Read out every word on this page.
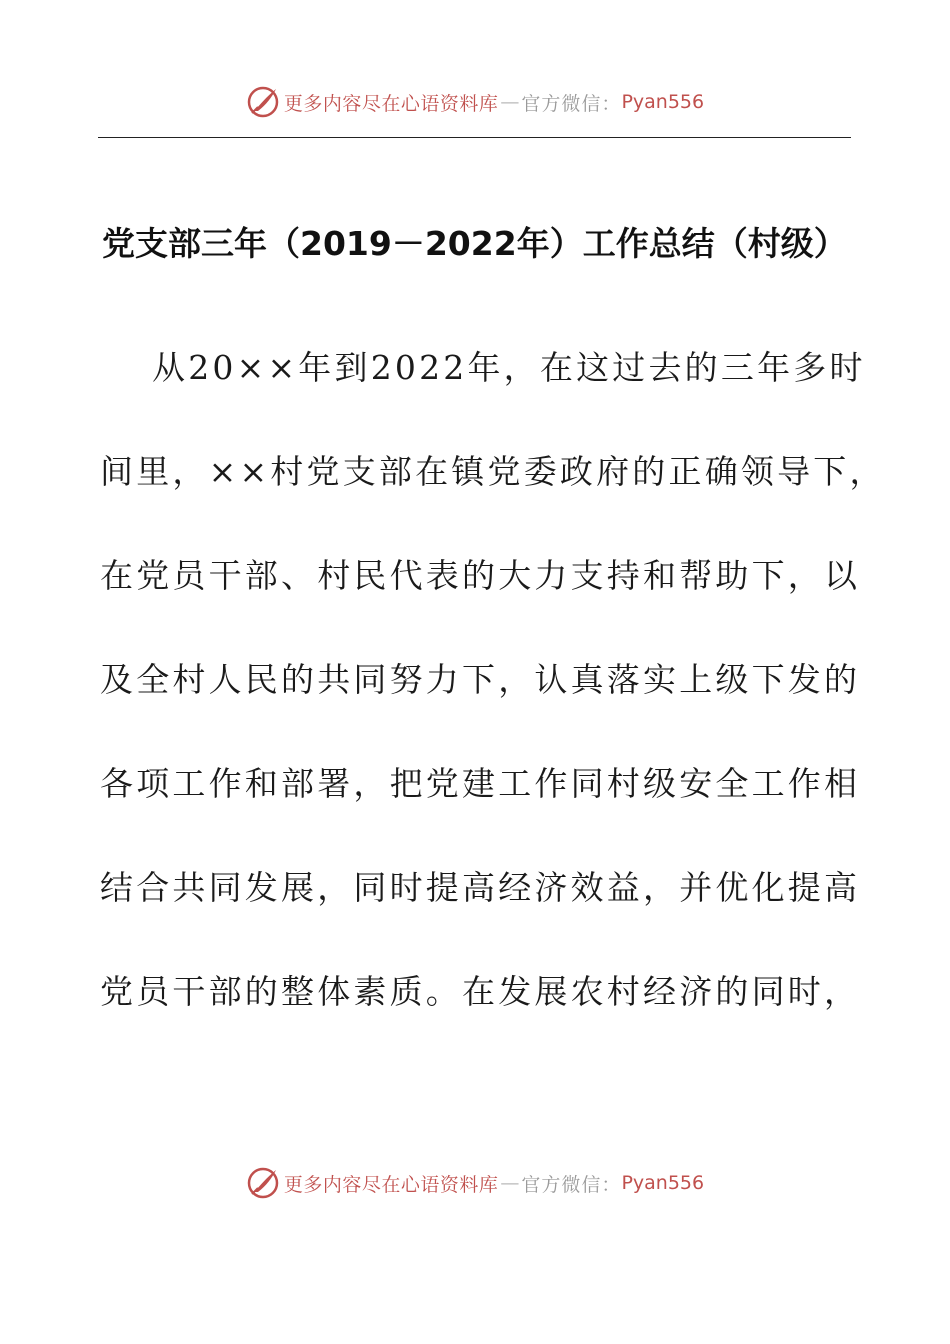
更多内容尽在心语资料库 — 官方微信： Pyan556
党支部三年（2019－2022年）工作总结（村级）
从20××年到2022年，在这过去的三年多时
间里，××村党支部在镇党委政府的正确领导下，
在党员干部、村民代表的大力支持和帮助下，以
及全村人民的共同努力下，认真落实上级下发的
各项工作和部署，把党建工作同村级安全工作相
结合共同发展，同时提高经济效益，并优化提高
党员干部的整体素质。在发展农村经济的同时，
更多内容尽在心语资料库 — 官方微信： Pyan556
